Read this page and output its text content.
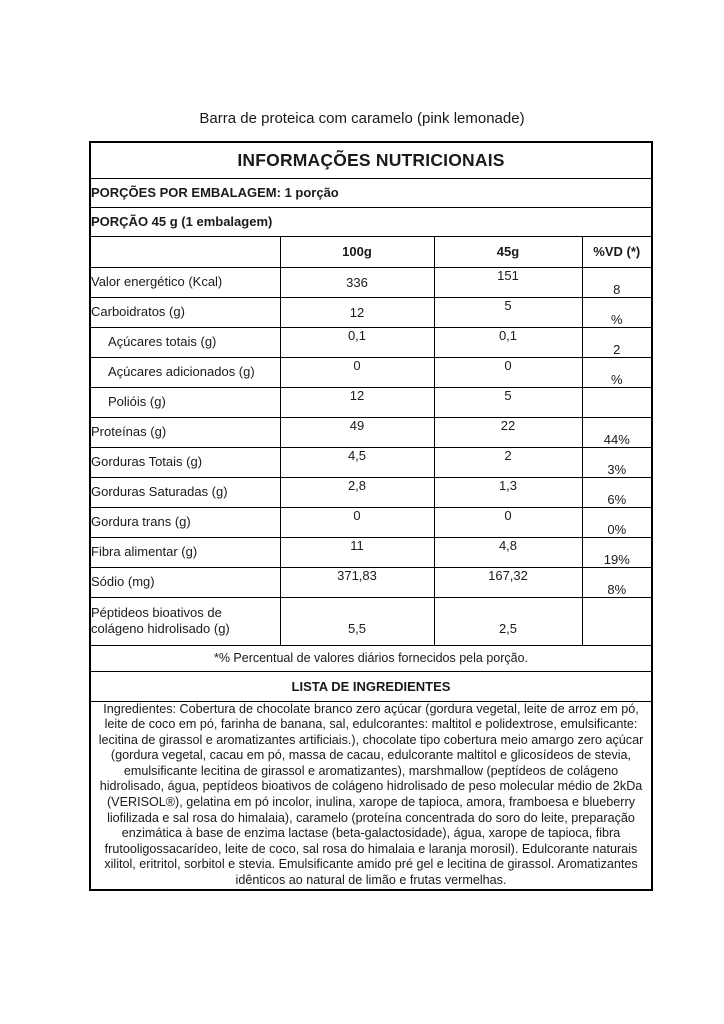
Barra de proteica com caramelo (pink lemonade)
INFORMAÇÕES NUTRICIONAIS			
PORÇÕES POR EMBALAGEM: 1 porção			
PORÇÃO 45 g (1 embalagem)			
	100g	45g	%VD (*)
Valor energético (Kcal)	336	151	8
Carboidratos (g)	12	5	%
Açúcares totais (g)	0,1	0,1	2
Açúcares adicionados (g)	0	0	%
Polióis (g)	12	5	
Proteínas (g)	49	22	44%
Gorduras Totais (g)	4,5	2	3%
Gorduras Saturadas (g)	2,8	1,3	6%
Gordura trans (g)	0	0	0%
Fibra alimentar (g)	11	4,8	19%
Sódio (mg)	371,83	167,32	8%
Péptideos bioativos de colágeno hidrolisado (g)	5,5	2,5	
*% Percentual de valores diários fornecidos pela porção.			
LISTA DE INGREDIENTES			
Ingredientes: Cobertura de chocolate branco zero açúcar (gordura vegetal, leite de arroz em pó, leite de coco em pó, farinha de banana, sal, edulcorantes: maltitol e polidextrose, emulsificante: lecitina de girassol e aromatizantes artificiais.), chocolate tipo cobertura meio amargo zero açúcar (gordura vegetal, cacau em pó, massa de cacau, edulcorante maltitol e glicosídeos de stevia, emulsificante lecitina de girassol e aromatizantes), marshmallow (peptídeos de colágeno hidrolisado, água, peptídeos bioativos de colágeno hidrolisado de peso molecular médio de 2kDa (VERISOL®), gelatina em pó incolor, inulina, xarope de tapioca, amora, framboesa e blueberry liofilizada e sal rosa do himalaia), caramelo (proteína concentrada do soro do leite, preparação enzimática à base de enzima lactase (beta-galactosidade), água, xarope de tapioca, fibra frutooligossacarídeo, leite de coco, sal rosa do himalaia e laranja morosil). Edulcorante naturais xilitol, eritritol, sorbitol e stevia. Emulsificante amido pré gel e lecitina de girassol. Aromatizantes idênticos ao natural de limão e frutas vermelhas.			
